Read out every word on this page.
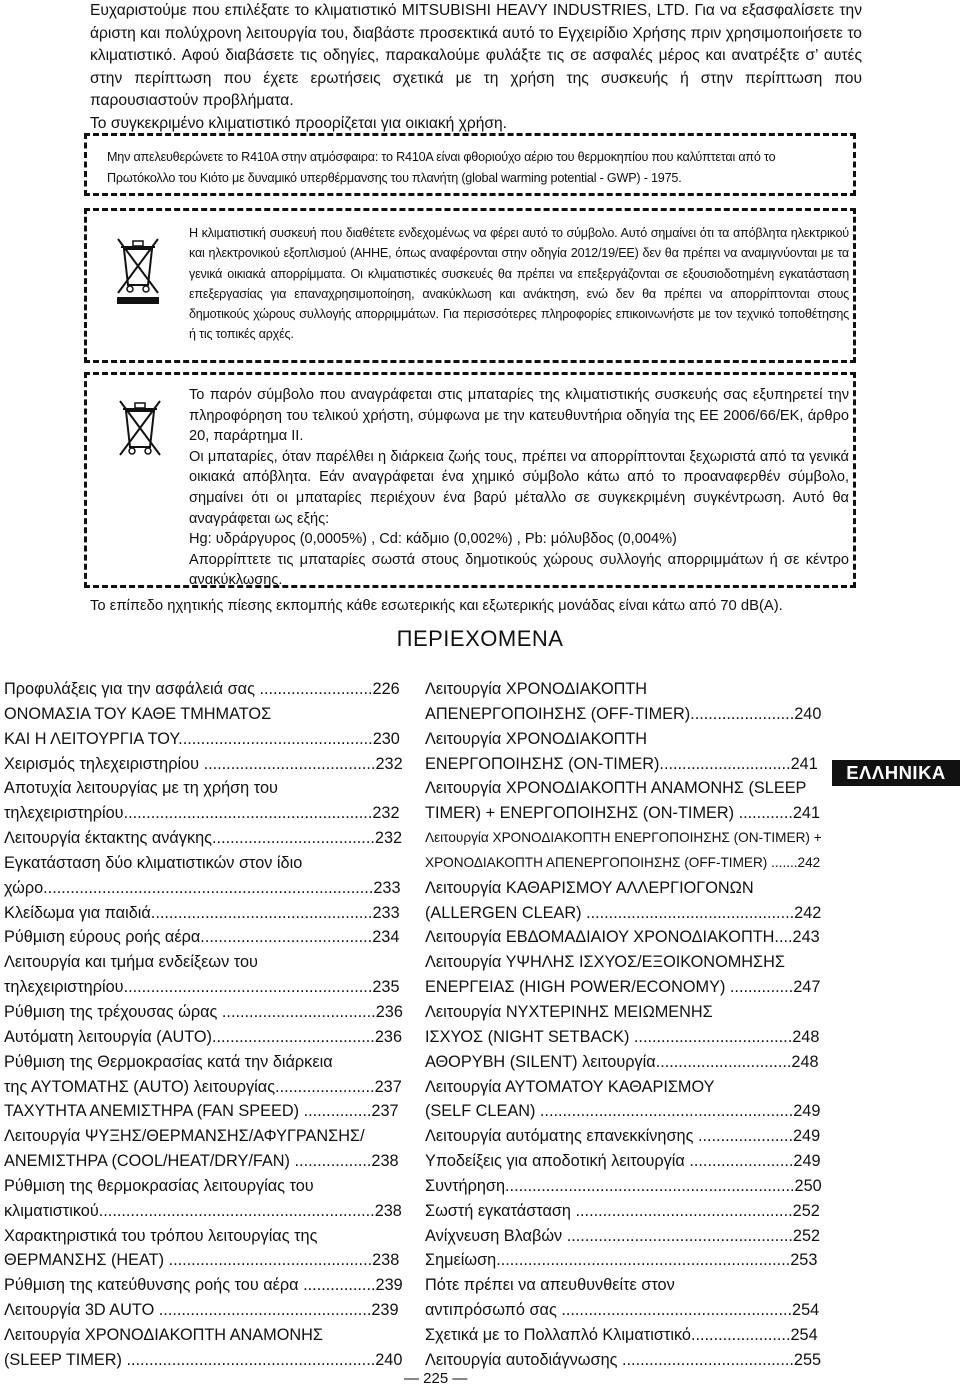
Ευχαριστούμε που επιλέξατε το κλιματιστικό MITSUBISHI HEAVY INDUSTRIES, LTD. Για να εξασφαλίσετε την άριστη και πολύχρονη λειτουργία του, διαβάστε προσεκτικά αυτό το Εγχειρίδιο Χρήσης πριν χρησιμοποιήσετε το κλιματιστικό. Αφού διαβάσετε τις οδηγίες, παρακαλούμε φυλάξτε τις σε ασφαλές μέρος και ανατρέξτε σ’ αυτές στην περίπτωση που έχετε ερωτήσεις σχετικά με τη χρήση της συσκευής ή στην περίπτωση που παρουσιαστούν προβλήματα.

Το συγκεκριμένο κλιματιστικό προορίζεται για οικιακή χρήση.

Μην απελευθερώνετε το R410A στην ατμόσφαιρα: το R410A είναι φθοριούχο αέριο του θερμοκηπίου που καλύπτεται από το Πρωτόκολλο του Κιότο με δυναμικό υπερθέρμανσης του πλανήτη (global warming potential - GWP) - 1975.
Η κλιματιστική συσκευή που διαθέτετε ενδεχομένως να φέρει αυτό το σύμβολο. Αυτό σημαίνει ότι τα απόβλητα ηλεκτρικού και ηλεκτρονικού εξοπλισμού (ΑΗΗΕ, όπως αναφέρονται στην οδηγία 2012/19/ΕΕ) δεν θα πρέπει να αναμιγνύονται με τα γενικά οικιακά απορρίμματα. Οι κλιματιστικές συσκευές θα πρέπει να επεξεργάζονται σε εξουσιοδοτημένη εγκατάσταση επεξεργασίας για επαναχρησιμοποίηση, ανακύκλωση και ανάκτηση, ενώ δεν θα πρέπει να απορρίπτονται στους δημοτικούς χώρους συλλογής απορριμμάτων. Για περισσότερες πληροφορίες επικοινωνήστε με τον τεχνικό τοποθέτησης ή τις τοπικές αρχές.

Το παρόν σύμβολο που αναγράφεται στις μπαταρίες της κλιματιστικής συσκευής σας εξυπηρετεί την πληροφόρηση του τελικού χρήστη, σύμφωνα με την κατευθυντήρια οδηγία της ΕΕ 2006/66/ΕΚ, άρθρο 20, παράρτημα II.

Οι μπαταρίες, όταν παρέλθει η διάρκεια ζωής τους, πρέπει να απορρίπτονται ξεχωριστά από τα γενικά οικιακά απόβλητα. Εάν αναγράφεται ένα χημικό σύμβολο κάτω από το προαναφερθέν σύμβολο, σημαίνει ότι οι μπαταρίες περιέχουν ένα βαρύ μέταλλο σε συγκεκριμένη συγκέντρωση. Αυτό θα αναγράφεται ως εξής:

Hg: υδράργυρος (0,0005%) , Cd: κάδμιο (0,002%) , Pb: μόλυβδος (0,004%)

Απορρίπτετε τις μπαταρίες σωστά στους δημοτικούς χώρους συλλογής απορριμμάτων ή σε κέντρο ανακύκλωσης.

Το επίπεδο ηχητικής πίεσης εκπομπής κάθε εσωτερικής και εξωτερικής μονάδας είναι κάτω από 70 dB(A).
ΠΕΡΙΕΧΟΜΕΝΑ
Προφυλάξεις για την ασφάλειά σας .........................226
ΟΝΟΜΑΣΙΑ ΤΟΥ ΚΑΘΕ ΤΜΗΜΑΤΟΣ
ΚΑΙ Η ΛΕΙΤΟΥΡΓΙΑ ΤΟΥ...........................................230
Χειρισμός τηλεχειριστηρίου ......................................232
Αποτυχία λειτουργίας με τη χρήση του
τηλεχειριστηρίου.......................................................232
Λειτουργία έκτακτης ανάγκης....................................232
Εγκατάσταση δύο κλιματιστικών στον ίδιο
χώρο.........................................................................233
Κλείδωμα για παιδιά.................................................233
Ρύθμιση εύρους ροής αέρα......................................234
Λειτουργία και τμήμα ενδείξεων του
τηλεχειριστηρίου.......................................................235
Ρύθμιση της τρέχουσας ώρας ..................................236
Αυτόματη λειτουργία (AUTO)....................................236
Ρύθμιση της Θερμοκρασίας κατά την διάρκεια
της ΑΥΤΟΜΑΤΗΣ (AUTO) λειτουργίας......................237
ΤΑΧΥΤΗΤΑ ΑΝΕΜΙΣΤΗΡΑ (FAN SPEED) ...............237
Λειτουργία ΨΥΞΗΣ/ΘΕΡΜΑΝΣΗΣ/ΑΦΥΓΡΑΝΣΗΣ/
ΑΝΕΜΙΣΤΗΡΑ (COOL/HEAT/DRY/FAN) .................238
Ρύθμιση της θερμοκρασίας λειτουργίας του
κλιματιστικού.............................................................238
Χαρακτηριστικά του τρόπου λειτουργίας της
ΘΕΡΜΑΝΣΗΣ (HEAT) .............................................238
Ρύθμιση της κατεύθυνσης ροής του αέρα ................239
Λειτουργία 3D AUTO ...............................................239
Λειτουργία ΧΡΟΝΟΔΙΑΚΟΠΤΗ ΑΝΑΜΟΝΗΣ
(SLEEP TIMER) .......................................................240
Λειτουργία ΧΡΟΝΟΔΙΑΚΟΠΤΗ
ΑΠΕΝΕΡΓΟΠΟΙΗΣΗΣ (OFF-TIMER).......................240
Λειτουργία ΧΡΟΝΟΔΙΑΚΟΠΤΗ
ΕΝΕΡΓΟΠΟΙΗΣΗΣ (ON-TIMER).............................241
Λειτουργία ΧΡΟΝΟΔΙΑΚΟΠΤΗ ΑΝΑΜΟΝΗΣ (SLEEP
TIMER) + ΕΝΕΡΓΟΠΟΙΗΣΗΣ (ON-TIMER) ............241
Λειτουργία ΧΡΟΝΟΔΙΑΚΟΠΤΗ ΕΝΕΡΓΟΠΟΙΗΣΗΣ (ON-TIMER) +
ΧΡΟΝΟΔΙΑΚΟΠΤΗ ΑΠΕΝΕΡΓΟΠΟΙΗΣΗΣ (OFF-TIMER) .......242
Λειτουργία ΚΑΘΑΡΙΣΜΟΥ ΑΛΛΕΡΓΙΟΓΟΝΩΝ
(ALLERGEN CLEAR) ..............................................242
Λειτουργία ΕΒΔΟΜΑΔΙΑΙΟΥ ΧΡΟΝΟΔΙΑΚΟΠΤΗ....243
Λειτουργία ΥΨΗΛΗΣ ΙΣΧΥΟΣ/ΕΞΟΙΚΟΝΟΜΗΣΗΣ
ΕΝΕΡΓΕΙΑΣ (HIGH POWER/ECONOMY) ..............247
Λειτουργία ΝΥΧΤΕΡΙΝΗΣ ΜΕΙΩΜΕΝΗΣ
ΙΣΧΥΟΣ (NIGHT SETBACK) ...................................248
ΑΘΟΡΥΒΗ (SILENT) λειτουργία..............................248
Λειτουργία ΑΥΤΟΜΑΤΟΥ ΚΑΘΑΡΙΣΜΟΥ
(SELF CLEAN) ........................................................249
Λειτουργία αυτόματης επανεκκίνησης .....................249
Υποδείξεις για αποδοτική λειτουργία .......................249
Συντήρηση................................................................250
Σωστή εγκατάσταση ................................................252
Ανίχνευση Βλαβών ..................................................252
Σημείωση.................................................................253
Πότε πρέπει να απευθυνθείτε στον
αντιπρόσωπό σας ...................................................254
Σχετικά με το Πολλαπλό Κλιματιστικό......................254
Λειτουργία αυτοδιάγνωσης ......................................255
ΕΛΛΗΝΙΚΑ
— 225 —
